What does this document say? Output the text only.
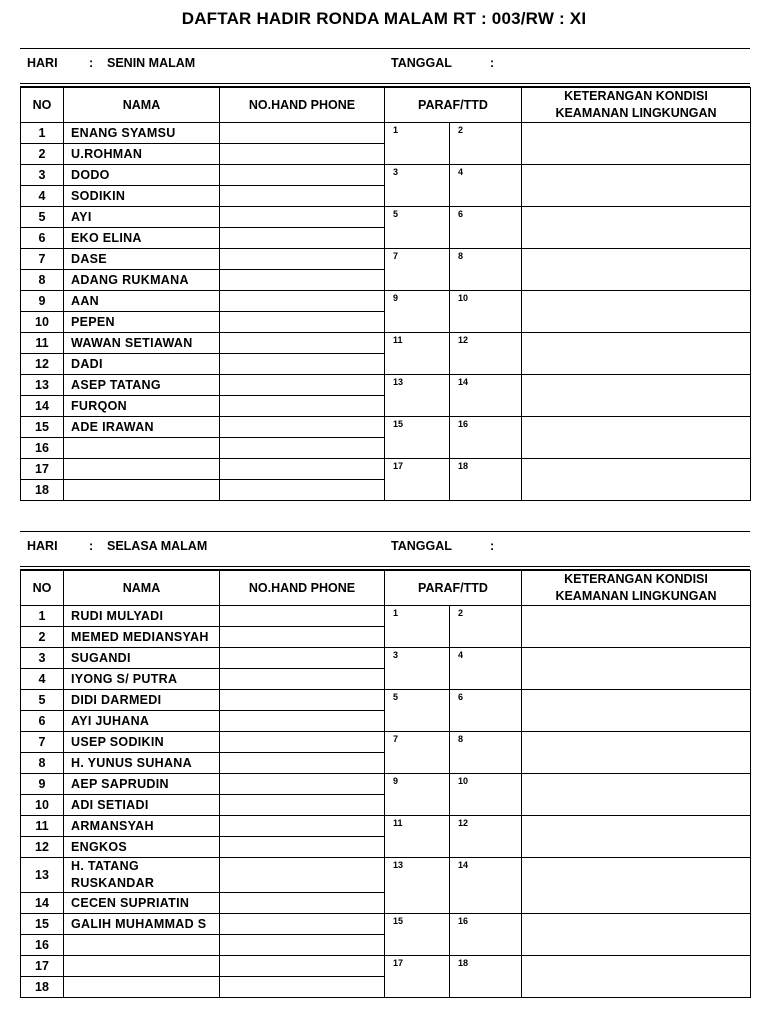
DAFTAR HADIR RONDA MALAM RT : 003/RW : XI
HARI	: SENIN MALAM	TANGGAL	:
NO	NAMA	NO.HAND PHONE	PARAF/TTD		KETERANGAN KONDISI
KEAMANAN LINGKUNGAN

1	ENANG SYAMSU		1	2	
2	U.ROHMAN				
3	DODO		3	4	
4	SODIKIN				
5	AYI		5	6	
6	EKO ELINA				
7	DASE		7	8	
8	ADANG RUKMANA				
9	AAN		9	10	
10	PEPEN				
11	WAWAN SETIAWAN		11	12	
12	DADI				
13	ASEP TATANG		13	14	
14	FURQON				
15	ADE IRAWAN		15	16	
16					
17			17	18	
18					
HARI	: SELASA MALAM	TANGGAL	:
NO	NAMA	NO.HAND PHONE	PARAF/TTD		KETERANGAN KONDISI
KEAMANAN LINGKUNGAN

1	RUDI MULYADI		1	2	
2	MEMED MEDIANSYAH				
3	SUGANDI		3	4	
4	IYONG S/ PUTRA				
5	DIDI DARMEDI		5	6	
6	AYI JUHANA				
7	USEP SODIKIN		7	8	
8	H. YUNUS SUHANA				
9	AEP SAPRUDIN		9	10	
10	ADI SETIADI				
11	ARMANSYAH		11	12	
12	ENGKOS				
13	H. TATANG RUSKANDAR		13	14	
14	CECEN SUPRIATIN				
15	GALIH MUHAMMAD S		15	16	
16					
17			17	18	
18					
